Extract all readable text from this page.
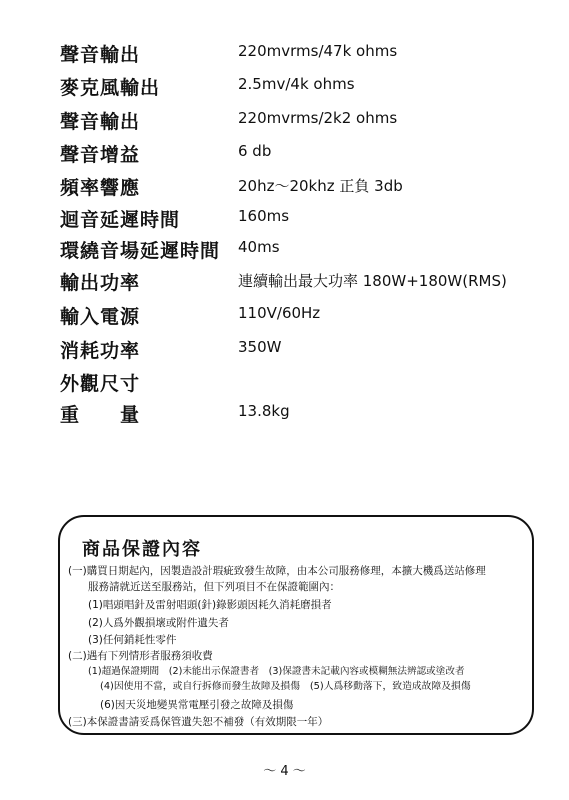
聲音輸出	220mvrms/47k ohms
麥克風輸出	2.5mv/4k ohms
聲音輸出	220mvrms/2k2 ohms
聲音增益	6 db
頻率響應	20hz～20khz 正負 3db
迴音延遲時間	160ms
環繞音場延遲時間 40ms
輸出功率	連續輸出最大功率 180W+180W(RMS)
輸入電源	110V/60Hz
消耗功率	350W
外觀尺寸
重　　量	13.8kg
商品保證內容
(一)購買日期起內，因製造設計瑕疵致發生故障，由本公司服務修理，本擴大機爲送站修理
服務請就近送至服務站，但下列項目不在保證範圍內：
(1)唱頭唱針及雷射唱頭(針)錄影頭因耗久消耗磨損者
(2)人爲外觀損壞或附件遺失者
(3)任何銷耗性零件
(二)遇有下列情形者服務須收費
(1)超過保證期間　(2)未能出示保證書者　(3)保證書未記載內容或模糊無法辨認或塗改者
(4)因使用不當，或自行拆修而發生故障及損傷　(5)人爲移動落下，致造成故障及損傷
(6)因天災地變異常電壓引發之故障及損傷
(三)本保證書請妥爲保管遺失恕不補發（有效期限一年）
～ 4 ～
